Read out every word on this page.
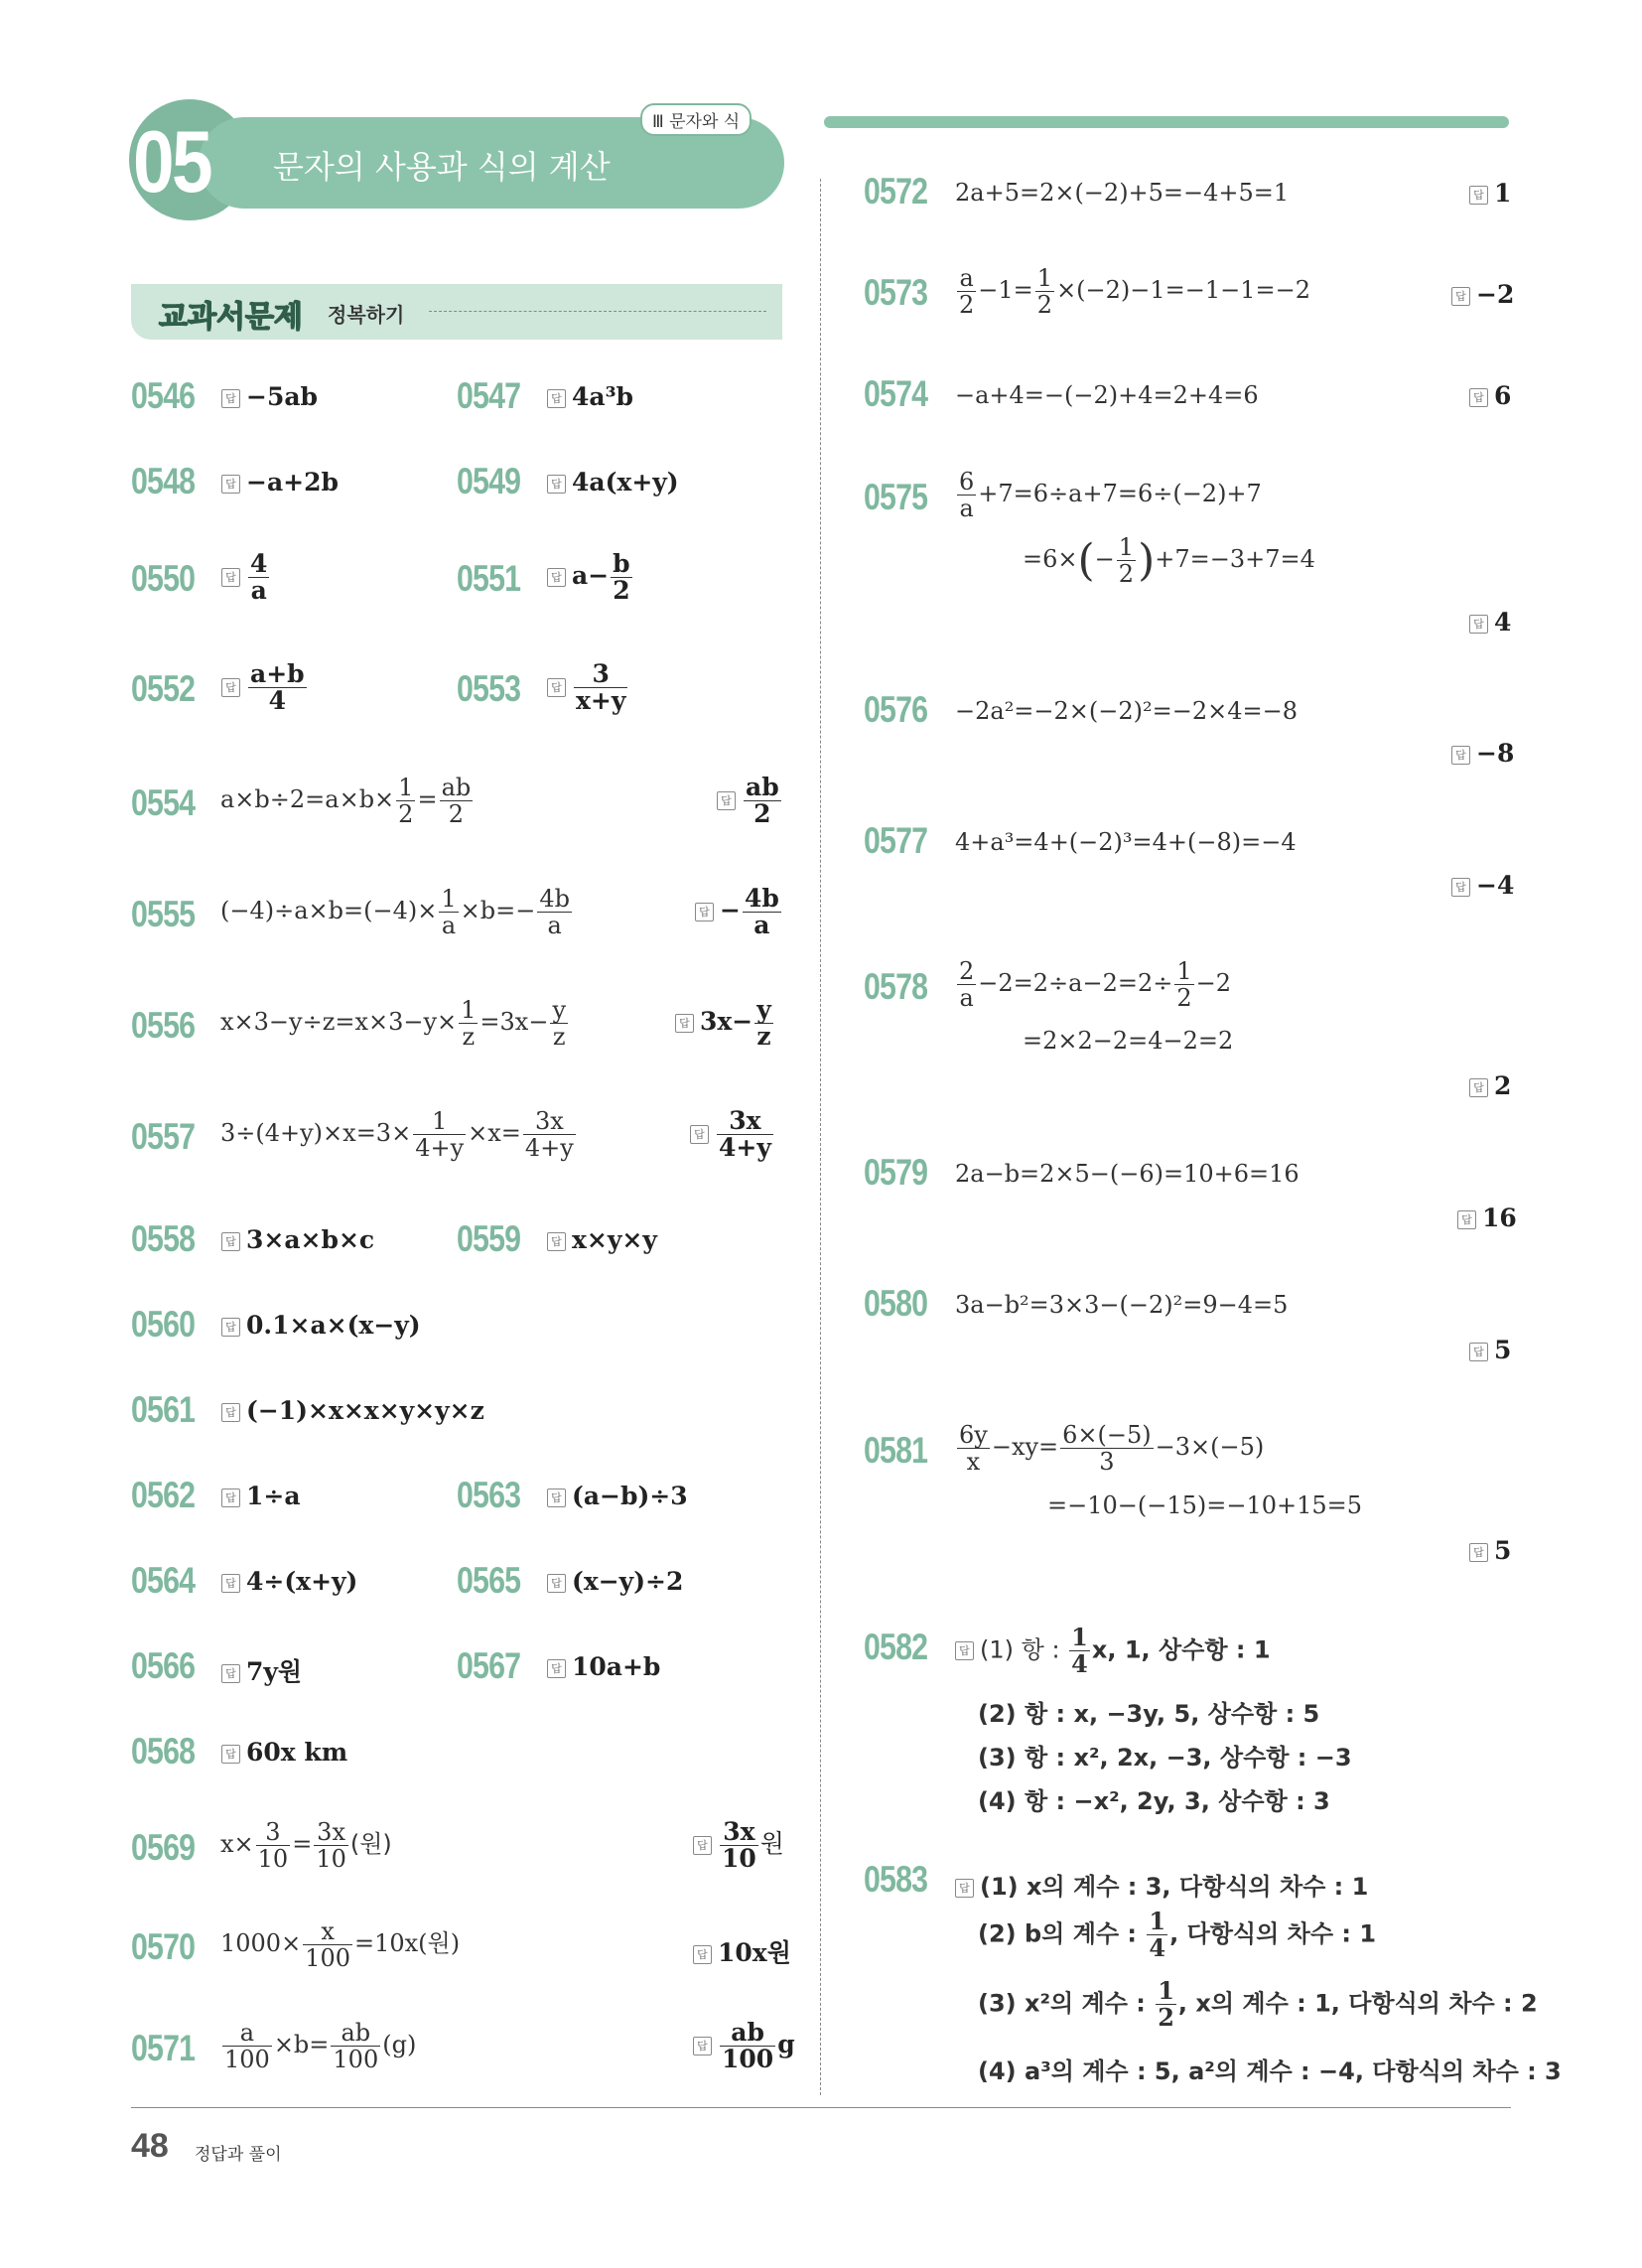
05 문자의 사용과 식의 계산
Ⅲ 문자와 식
교과서문제 정복하기
0546	답 −5ab	0547	답 4a³b
0548	답 −a+2b	0549	답 4a(x+y)
0550	답 $\frac{4}{a}$	0551	답 $a- \frac{b}{2}$
0552	답 $\frac{a+b}{4}$	0553	답 $\frac{3}{x+y}$
0554 $a\times b\div 2=a\times b\times \frac{1}{2} = \frac{ab}{2}$	답 $\frac{ab}{2}$
0555 $(-4)\div a\times b=(-4)\times \frac{1}{a} \times b=- \frac{4b}{a}$	답 − $\frac{4b}{a}$
0556 $x\times 3-y\div z=x\times 3-y\times \frac{1}{z} =3x- \frac{y}{z}$	답 $3x- \frac{y}{z}$
0557 $3\div(4+y)\times x=3\times \frac{1}{4+y} \times x= \frac{3x}{4+y}$	답 $\frac{3x}{4+y}$
0558	답 3×a×b×c 0559	답 x×y×y
0560	답 0.1×a×(x−y)
0561	답 (−1)×x×x×y×y×z
0562	답 1÷a	0563	답 (a−b)÷3
0564	답 4÷(x+y)	0565	답 (x−y)÷2
0566	답 7y원	0567	답 10a+b
0568	답 60x km
0569 $x\times \frac{3}{10} = \frac{3x}{10}$ (원)	답 $\frac{3x}{10}$ 원
0570 $1000\times \frac{x}{100} =10x$(원)	답 10x원
$0571 \frac{a}{100} \times b= \frac{ab}{100} (g)$	답 $\frac{ab}{100}$ g
0572 2a+5=2×(−2)+5=−4+5=1	답 1
$0573 \frac{a}{2} -1= \frac{1}{2} \times(-2)-1=-1-1=-2$	답 −2
0574 −a+4=−(−2)+4=2+4=6	답 6
$0575 \frac{6}{a} +7=6\div a+7=6\div(-2)+7$
$=6\times(- \frac{1}{2} )+7=-3+7=4$
답 4
0576 −2a²=−2×(−2)²=−2×4=−8
답 −8
0577 4+a³=4+(−2)³=4+(−8)=−4
답 −4
$0578 \frac{2}{a} -2=2\div a-2=2\div \frac{1}{2} -2$
=2×2−2=4−2=2
답 2
0579 2a−b=2×5−(−6)=10+6=16
답 16
0580 3a−b²=3×3−(−2)²=9−4=5
답 5
$0581 \frac{6y}{x} -xy= \frac{6\times(-5)}{3} -3\times(-5)$
=−10−(−15)=−10+15=5
답 5
0582	답 (1) 항 : $\frac{1}{4} x$, 1, 상수항 : 1
(2) 항 : x, −3y, 5, 상수항 : 5
(3) 항 : x², 2x, −3, 상수항 : −3
(4) 항 : −x², 2y, 3, 상수항 : 3
0583	답 (1) x의 계수 : 3, 다항식의 차수 : 1
(2) b의 계수 : $\frac{1}{4}$ , 다항식의 차수 : 1
(3) x²의 계수 : $\frac{1}{2}$ , x의 계수 : 1, 다항식의 차수 : 2
(4) a³의 계수 : 5, a²의 계수 : −4, 다항식의 차수 : 3
48 정답과 풀이
